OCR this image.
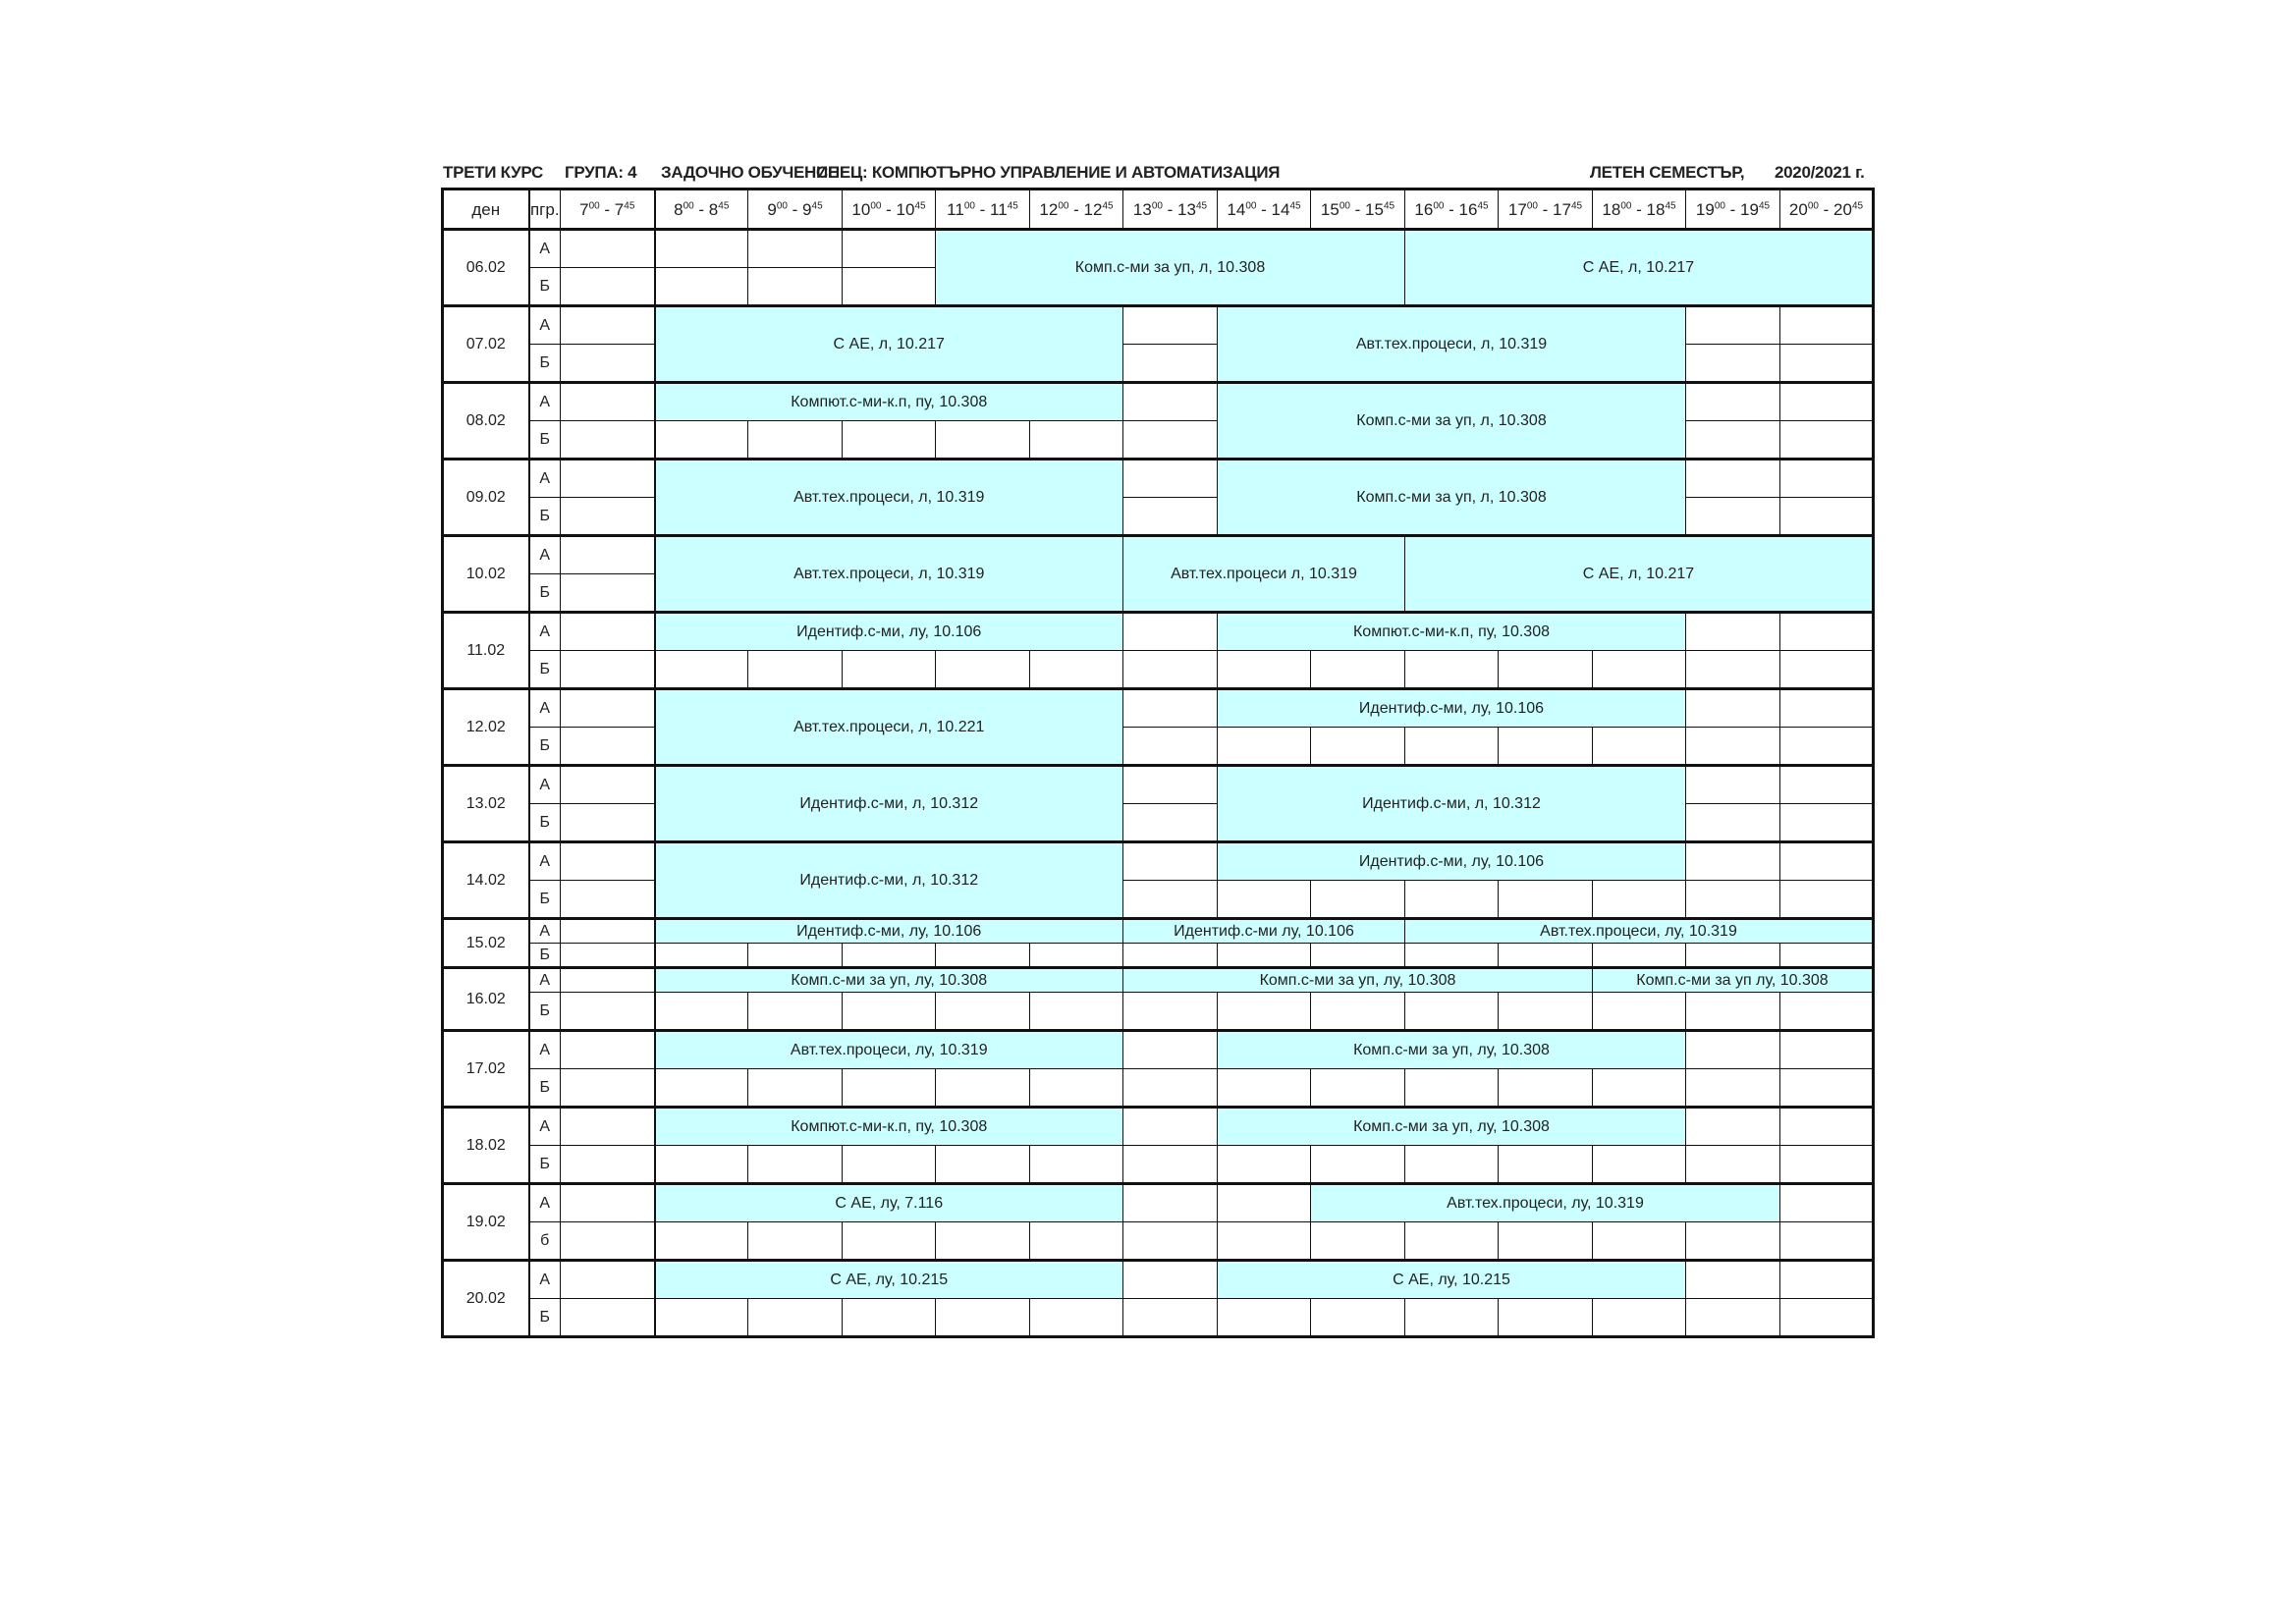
ТРЕТИ КУРС ГРУПА: 4 ЗАДОЧНО ОБУЧЕНИЕ
СПЕЦ: КОМПЮТЪРНО УПРАВЛЕНИЕ И АВТОМАТИЗАЦИЯ	ЛЕТЕН СЕМЕСТЪР, 2020/2021 г.
ден	пгр.	$7^{00} - 7^{45}$	$8^{00} - 8^{45}$	$9^{00} - 9^{45}$	$10^{00} - 10^{45}$	$11^{00} - 11^{45}$	$12^{00} - 12^{45}$	$13^{00} - 13^{45}$	$14^{00} - 14^{45}$	$15^{00} - 15^{45}$	$16^{00} - 16^{45}$	$17^{00} - 17^{45}$	$18^{00} - 18^{45}$	$19^{00} - 19^{45}$	$20^{00} - 20^{45}$
06.02	А					Комп.с-ми за уп, л, 10.308					С АЕ, л, 10.217				
	Б														
07.02	А		С АЕ, л, 10.217						Авт.тех.процеси, л, 10.319						
	Б														
08.02	А		Компют.с-ми-к.п, пу, 10.308						Комп.с-ми за уп, л, 10.308						
	Б														
09.02	А		Авт.тех.процеси, л, 10.319						Комп.с-ми за уп, л, 10.308						
	Б														
10.02	А		Авт.тех.процеси, л, 10.319					Авт.тех.процеси л, 10.319			С АЕ, л, 10.217				
	Б														
11.02	А		Идентиф.с-ми, лу, 10.106						Компют.с-ми-к.п, пу, 10.308						
	Б														
12.02	А		Авт.тех.процеси, л, 10.221						Идентиф.с-ми, лу, 10.106						
	Б														
13.02	А		Идентиф.с-ми, л, 10.312						Идентиф.с-ми, л, 10.312						
	Б														
14.02	А		Идентиф.с-ми, л, 10.312						Идентиф.с-ми, лу, 10.106						
	Б														
15.02	А		Идентиф.с-ми, лу, 10.106					Идентиф.с-ми лу, 10.106			Авт.тех.процеси, лу, 10.319				
	Б														
16.02	А		Комп.с-ми за уп, лу, 10.308					Комп.с-ми за уп, лу, 10.308					Комп.с-ми за уп лу, 10.308		
	Б														
17.02	А		Авт.тех.процеси, лу, 10.319						Комп.с-ми за уп, лу, 10.308						
	Б														
18.02	А		Компют.с-ми-к.п, пу, 10.308						Комп.с-ми за уп, лу, 10.308						
	Б														
19.02	А		С АЕ, лу, 7.116							Авт.тех.процеси, лу, 10.319					
	б														
20.02	А		С АЕ, лу, 10.215						С АЕ, лу, 10.215						
	Б														
